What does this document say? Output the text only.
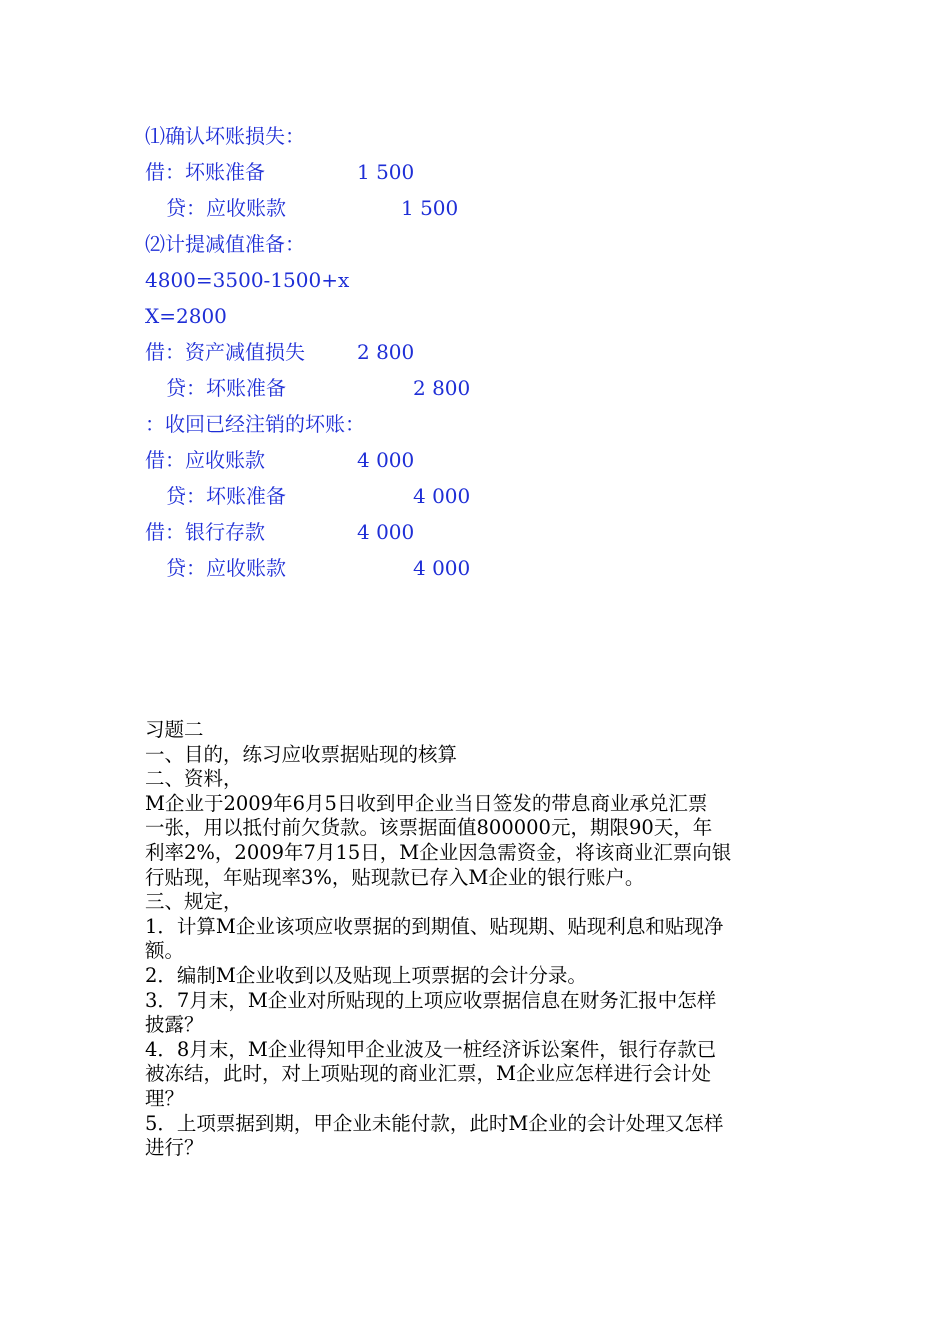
⑴确认坏账损失：
借：坏账准备	1 500
贷：应收账款	1 500
⑵计提减值准备：
4800=3500-1500+x
X=2800
借：资产减值损失	2 800
贷：坏账准备	2 800
：收回已经注销的坏账：
借：应收账款	4 000
贷：坏账准备	4 000
借：银行存款	4 000
贷：应收账款	4 000
习题二
一、目的，练习应收票据贴现的核算
二、资料，
M企业于2009年6月5日收到甲企业当日签发的带息商业承兑汇票
一张，用以抵付前欠货款。该票据面值800000元，期限90天，年
利率2%，2009年7月15日，M企业因急需资金，将该商业汇票向银
行贴现，年贴现率3%，贴现款已存入M企业的银行账户。
三、规定，
1．计算M企业该项应收票据的到期值、贴现期、贴现利息和贴现净
额。
2．编制M企业收到以及贴现上项票据的会计分录。
3．7月末，M企业对所贴现的上项应收票据信息在财务汇报中怎样
披露？
4．8月末，M企业得知甲企业波及一桩经济诉讼案件，银行存款已
被冻结，此时，对上项贴现的商业汇票，M企业应怎样进行会计处
理？
5．上项票据到期，甲企业未能付款，此时M企业的会计处理又怎样
进行？
